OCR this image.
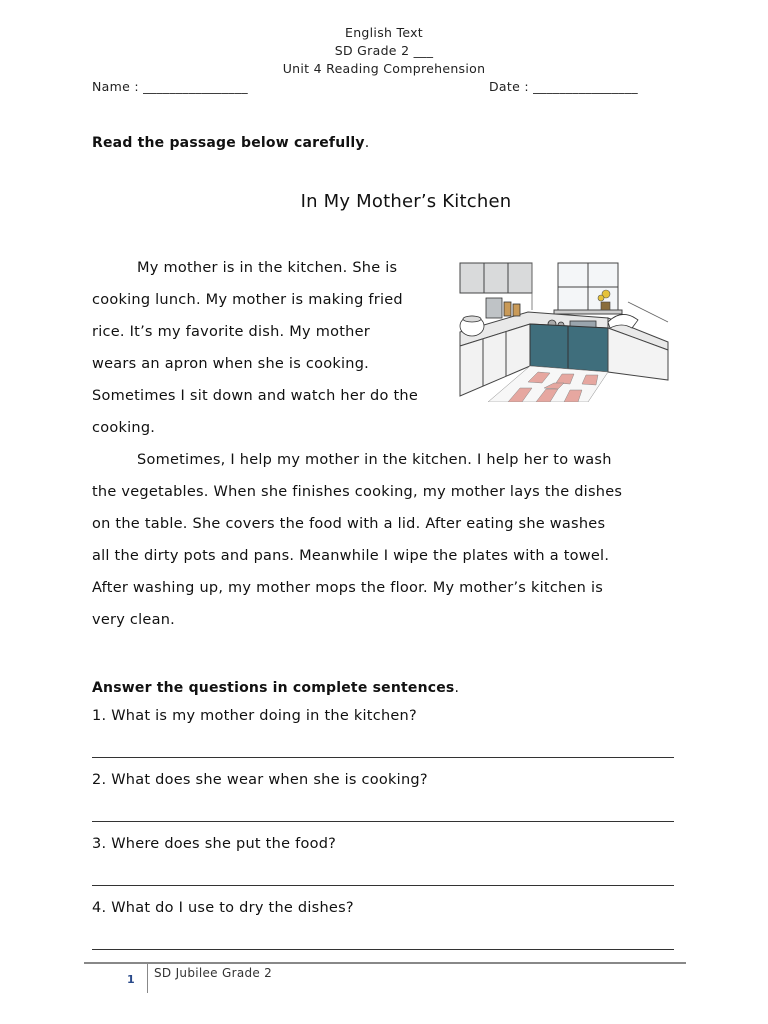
English Text
SD Grade 2 ___
Unit 4 Reading Comprehension
Name : ________________	Date : ________________
Read the passage below carefully.
In My Mother’s Kitchen
My mother is in the kitchen. She is
cooking lunch. My mother is making fried
rice. It’s my favorite dish. My mother
wears an apron when she is cooking.
Sometimes I sit down and watch her do the
cooking.
Sometimes, I help my mother in the kitchen. I help her to wash
the vegetables. When she finishes cooking, my mother lays the dishes
on the table. She covers the food with a lid. After eating she washes
all the dirty pots and pans. Meanwhile I wipe the plates with a towel.
After washing up, my mother mops the floor. My mother’s kitchen is
very clean.
Answer the questions in complete sentences.
1. What is my mother doing in the kitchen?
2. What does she wear when she is cooking?
3. Where does she put the food?
4. What do I use to dry the dishes?
1 SD Jubilee Grade 2
